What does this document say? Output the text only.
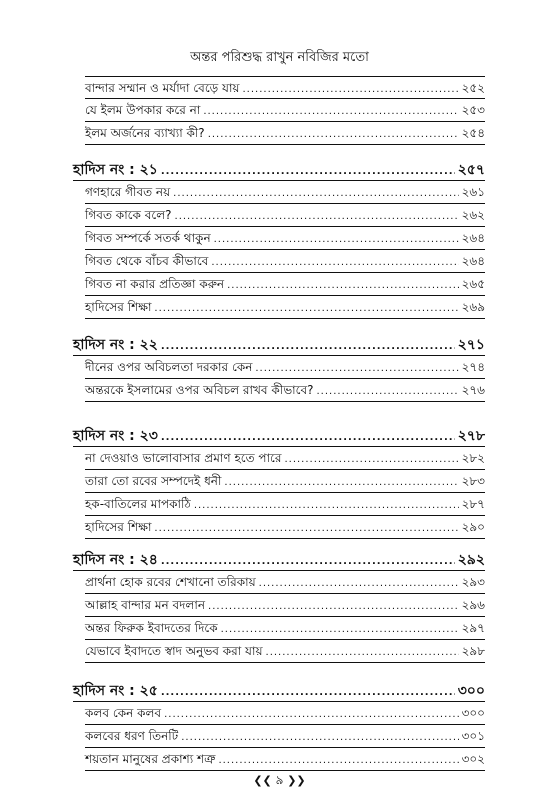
অন্তর পরিশুদ্ধ রাখুন নবিজির মতো
বান্দার সম্মান ও মর্যাদা বেড়ে যায় .....	২৫২
যে ইলম উপকার করে না .....	২৫৩
ইলম অর্জনের ব্যাখ্যা কী? .....	২৫৪
হাদিস নং : ২১ .....	২৫৭
গণহারে গীবত নয় .....	২৬১
গিবত কাকে বলে? .....	২৬২
গিবত সম্পর্কে সতর্ক থাকুন .....	২৬৪
গিবত থেকে বাঁচব কীভাবে .....	২৬৪
গিবত না করার প্রতিজ্ঞা করুন .....	২৬৫
হাদিসের শিক্ষা .....	২৬৯
হাদিস নং : ২২ .....	২৭১
দীনের ওপর অবিচলতা দরকার কেন .....	২৭৪
অন্তরকে ইসলামের ওপর অবিচল রাখব কীভাবে? .....	২৭৬
হাদিস নং : ২৩ .....	২৭৮
না দেওয়াও ভালোবাসার প্রমাণ হতে পারে .....	২৮২
তারা তো রবের সম্পদেই ধনী .....	২৮৩
হক-বাতিলের মাপকাঠি .....	২৮৭
হাদিসের শিক্ষা .....	২৯০
হাদিস নং : ২৪ .....	২৯২
প্রার্থনা হোক রবের শেখানো তরিকায় .....	২৯৩
আল্লাহ বান্দার মন বদলান .....	২৯৬
অন্তর ফিরুক ইবাদতের দিকে .....	২৯৭
যেভাবে ইবাদতে স্বাদ অনুভব করা যায় .....	২৯৮
হাদিস নং : ২৫ .....	৩০০
কলব কেন কলব .....	৩০০
কলবের ধরণ তিনটি .....	৩০১
শয়তান মানুষের প্রকাশ্য শত্রু .....	৩০২
❮❮ ৯ ❯❯
